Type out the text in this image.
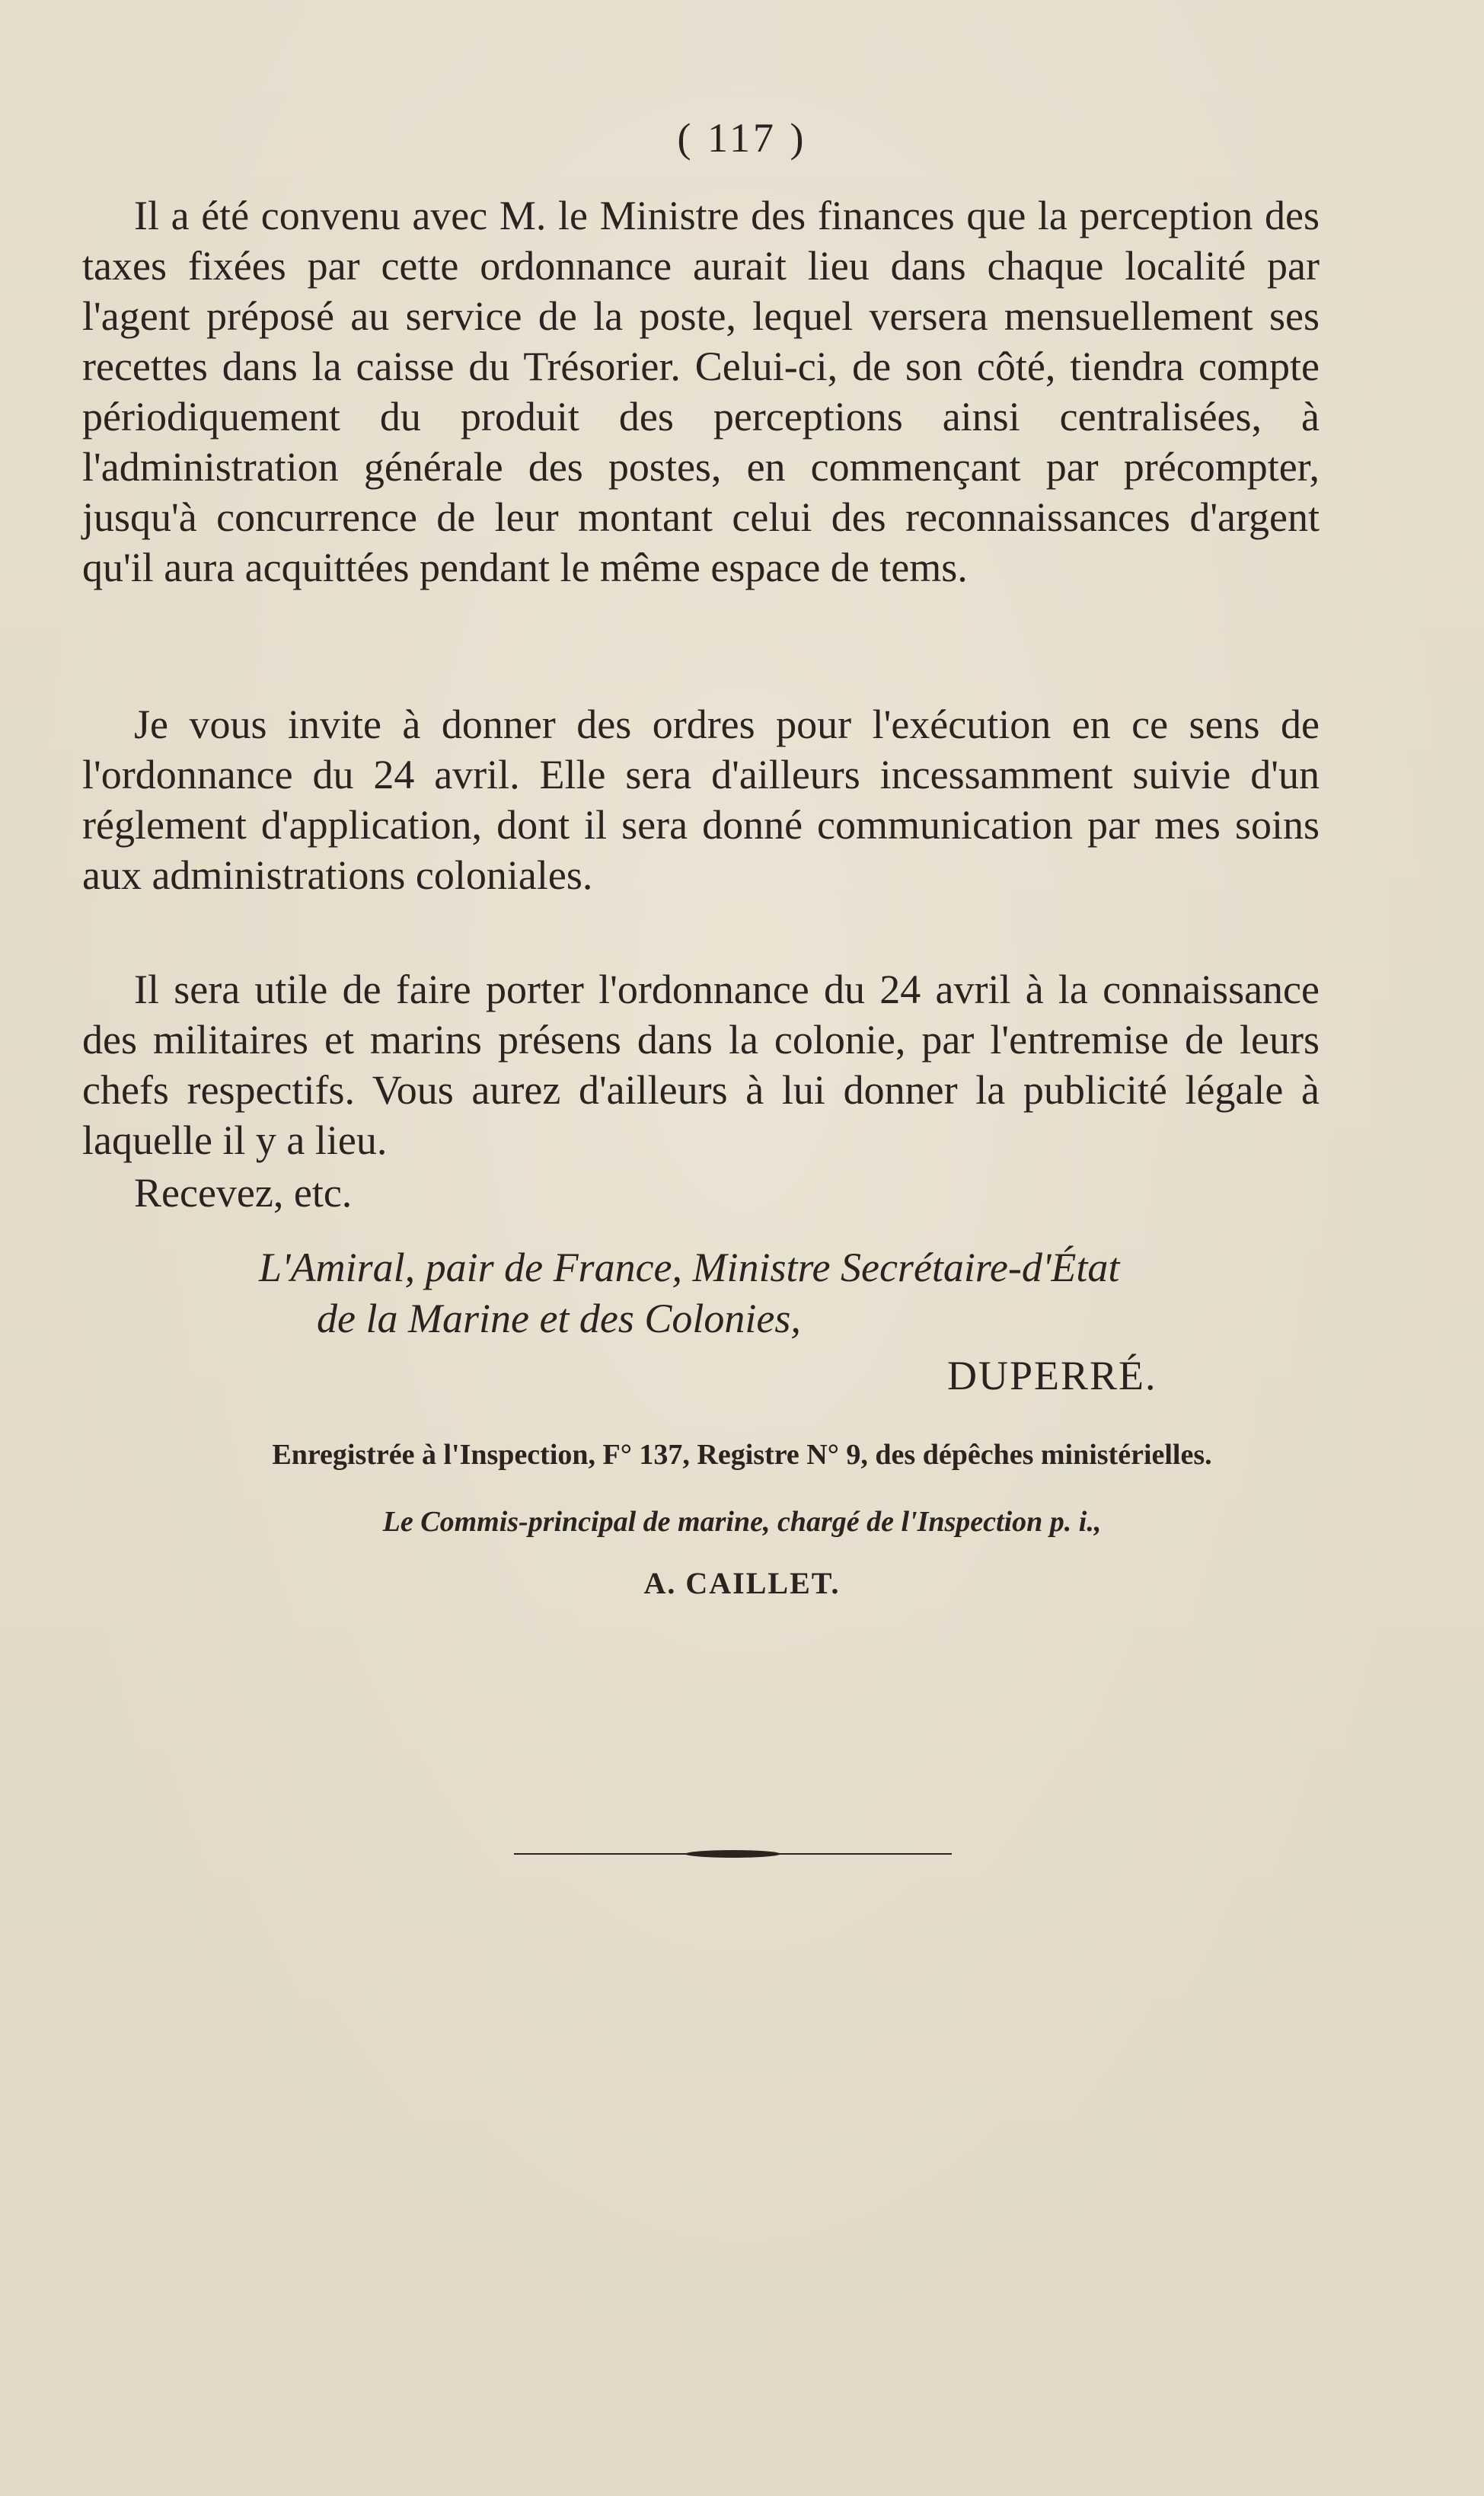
( 117 )

Il a été convenu avec M. le Ministre des finances que la perception des taxes fixées par cette ordonnance aurait lieu dans chaque localité par l'agent préposé au service de la poste, lequel versera mensuellement ses recettes dans la caisse du Trésorier. Celui-ci, de son côté, tiendra compte périodiquement du produit des perceptions ainsi centralisées, à l'administration générale des postes, en commençant par précompter, jusqu'à concurrence de leur montant celui des reconnaissances d'argent qu'il aura acquittées pendant le même espace de tems.

Je vous invite à donner des ordres pour l'exécution en ce sens de l'ordonnance du 24 avril. Elle sera d'ailleurs incessamment suivie d'un réglement d'application, dont il sera donné communication par mes soins aux administrations coloniales.

Il sera utile de faire porter l'ordonnance du 24 avril à la connaissance des militaires et marins présens dans la colonie, par l'entremise de leurs chefs respectifs. Vous aurez d'ailleurs à lui donner la publicité légale à laquelle il y a lieu.

Recevez, etc.
L'Amiral, pair de France, Ministre Secrétaire-d'État
de la Marine et des Colonies,
DUPERRÉ.
Enregistrée à l'Inspection, F° 137, Registre N° 9, des dépêches ministérielles.
Le Commis-principal de marine, chargé de l'Inspection p. i.,
A. CAILLET.
